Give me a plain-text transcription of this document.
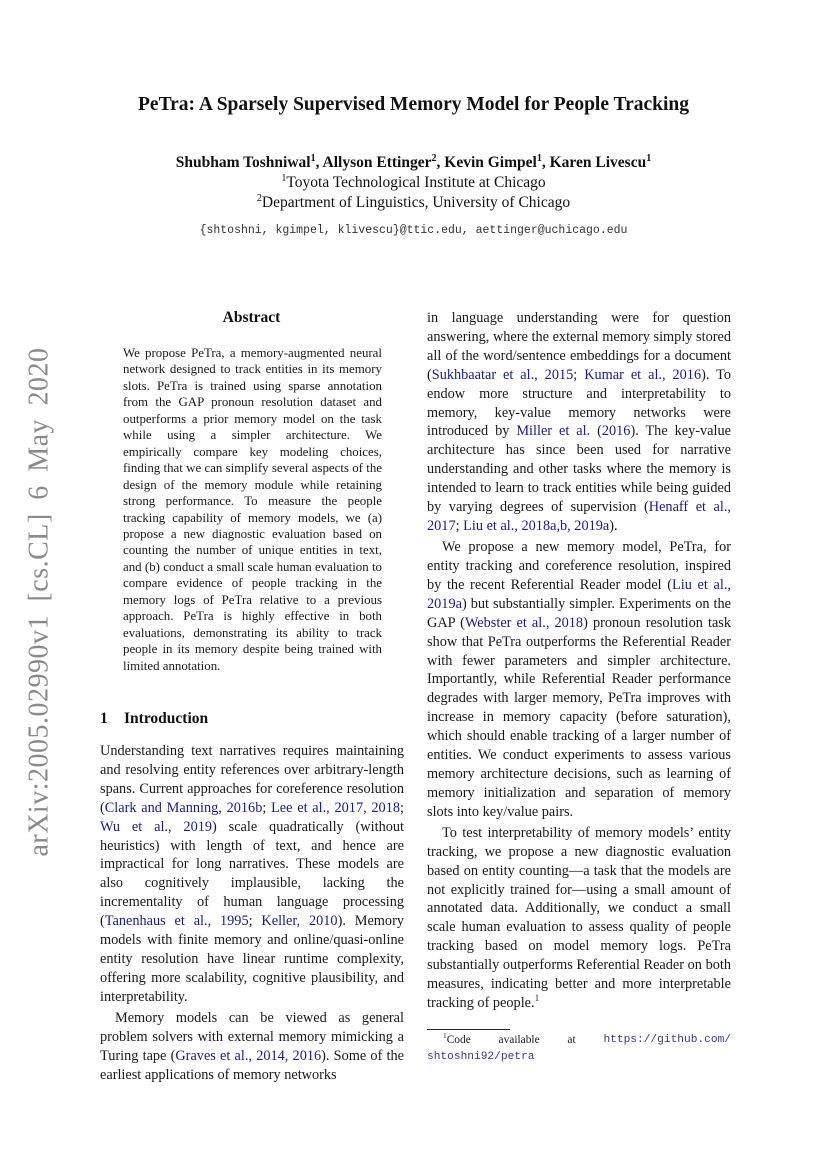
arXiv:2005.02990v1 [cs.CL] 6 May 2020
PeTra: A Sparsely Supervised Memory Model for People Tracking
Shubham Toshniwal$^1$, Allyson Ettinger$^2$, Kevin Gimpel$^1$, Karen Livescu$^1$
$^1$Toyota Technological Institute at Chicago
$^2$Department of Linguistics, University of Chicago
{shtoshni, kgimpel, klivescu}@ttic.edu, aettinger@uchicago.edu
Abstract
We propose PeTra, a memory-augmented neural network designed to track entities in its memory slots. PeTra is trained using sparse annotation from the GAP pronoun resolution dataset and outperforms a prior memory model on the task while using a simpler architecture. We empirically compare key modeling choices, finding that we can simplify several aspects of the design of the memory module while retaining strong performance. To measure the people tracking capability of memory models, we (a) propose a new diagnostic evaluation based on counting the number of unique entities in text, and (b) conduct a small scale human evaluation to compare evidence of people tracking in the memory logs of PeTra relative to a previous approach. PeTra is highly effective in both evaluations, demonstrating its ability to track people in its memory despite being trained with limited annotation.
1 Introduction

Understanding text narratives requires maintaining and resolving entity references over arbitrary-length spans. Current approaches for coreference resolution (Clark and Manning, 2016b; Lee et al., 2017, 2018; Wu et al., 2019) scale quadratically (without heuristics) with length of text, and hence are impractical for long narratives. These models are also cognitively implausible, lacking the incrementality of human language processing (Tanenhaus et al., 1995; Keller, 2010). Memory models with finite memory and online/quasi-online entity resolution have linear runtime complexity, offering more scalability, cognitive plausibility, and interpretability.

Memory models can be viewed as general problem solvers with external memory mimicking a Turing tape (Graves et al., 2014, 2016). Some of the earliest applications of memory networks

in language understanding were for question answering, where the external memory simply stored all of the word/sentence embeddings for a document (Sukhbaatar et al., 2015; Kumar et al., 2016). To endow more structure and interpretability to memory, key-value memory networks were introduced by Miller et al. (2016). The key-value architecture has since been used for narrative understanding and other tasks where the memory is intended to learn to track entities while being guided by varying degrees of supervision (Henaff et al., 2017; Liu et al., 2018a,b, 2019a).

We propose a new memory model, PeTra, for entity tracking and coreference resolution, inspired by the recent Referential Reader model (Liu et al., 2019a) but substantially simpler. Experiments on the GAP (Webster et al., 2018) pronoun resolution task show that PeTra outperforms the Referential Reader with fewer parameters and simpler architecture. Importantly, while Referential Reader performance degrades with larger memory, PeTra improves with increase in memory capacity (before saturation), which should enable tracking of a larger number of entities. We conduct experiments to assess various memory architecture decisions, such as learning of memory initialization and separation of memory slots into key/value pairs.

To test interpretability of memory models’ entity tracking, we propose a new diagnostic evaluation based on entity counting—a task that the models are not explicitly trained for—using a small amount of annotated data. Additionally, we conduct a small scale human evaluation to assess quality of people tracking based on model memory logs. PeTra substantially outperforms Referential Reader on both measures, indicating better and more interpretable tracking of people.$^1$

$^1$Code available at https://github.com/
shtoshni92/petra
